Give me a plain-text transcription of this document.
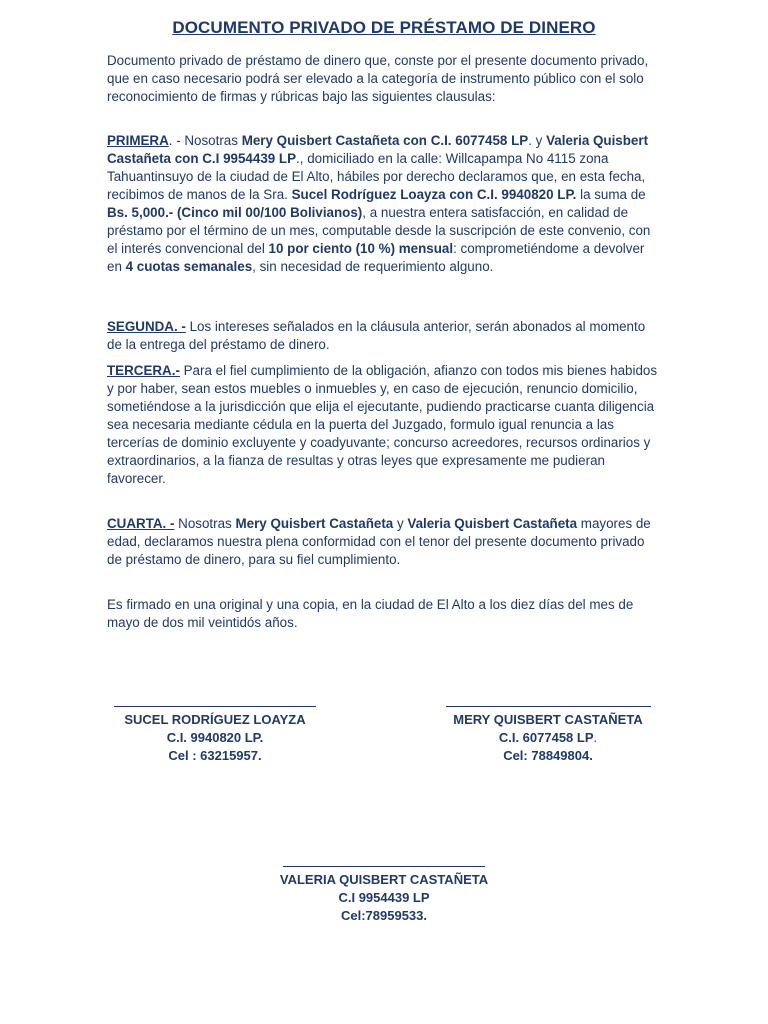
DOCUMENTO PRIVADO DE PRÉSTAMO DE DINERO

Documento privado de préstamo de dinero que, conste por el presente documento privado, que en caso necesario podrá ser elevado a la categoría de instrumento público con el solo reconocimiento de firmas y rúbricas bajo las siguientes clausulas:

PRIMERA. - Nosotras Mery Quisbert Castañeta con C.I. 6077458 LP. y Valeria Quisbert Castañeta con C.I 9954439 LP., domiciliado en la calle: Willcapampa No 4115 zona Tahuantinsuyo de la ciudad de El Alto, hábiles por derecho declaramos que, en esta fecha, recibimos de manos de la Sra. Sucel Rodríguez Loayza con C.I. 9940820 LP. la suma de Bs. 5,000.- (Cinco mil 00/100 Bolivianos), a nuestra entera satisfacción, en calidad de préstamo por el término de un mes, computable desde la suscripción de este convenio, con el interés convencional del 10 por ciento (10 %) mensual: comprometiéndome a devolver en 4 cuotas semanales, sin necesidad de requerimiento alguno.

SEGUNDA. - Los intereses señalados en la cláusula anterior, serán abonados al momento de la entrega del préstamo de dinero.

TERCERA.- Para el fiel cumplimiento de la obligación, afianzo con todos mis bienes habidos y por haber, sean estos muebles o inmuebles y, en caso de ejecución, renuncio domicilio, sometiéndose a la jurisdicción que elija el ejecutante, pudiendo practicarse cuanta diligencia sea necesaria mediante cédula en la puerta del Juzgado, formulo igual renuncia a las tercerías de dominio excluyente y coadyuvante; concurso acreedores, recursos ordinarios y extraordinarios, a la fianza de resultas y otras leyes que expresamente me pudieran favorecer.

CUARTA. - Nosotras Mery Quisbert Castañeta y Valeria Quisbert Castañeta mayores de edad, declaramos nuestra plena conformidad con el tenor del presente documento privado de préstamo de dinero, para su fiel cumplimiento.

Es firmado en una original y una copia, en la ciudad de El Alto a los diez días del mes de mayo de dos mil veintidós años.

SUCEL RODRÍGUEZ LOAYZA
C.I. 9940820 LP.
Cel : 63215957.
MERY QUISBERT CASTAÑETA
C.I. 6077458 LP.
Cel: 78849804.
VALERIA QUISBERT CASTAÑETA
C.I 9954439 LP
Cel:78959533.
